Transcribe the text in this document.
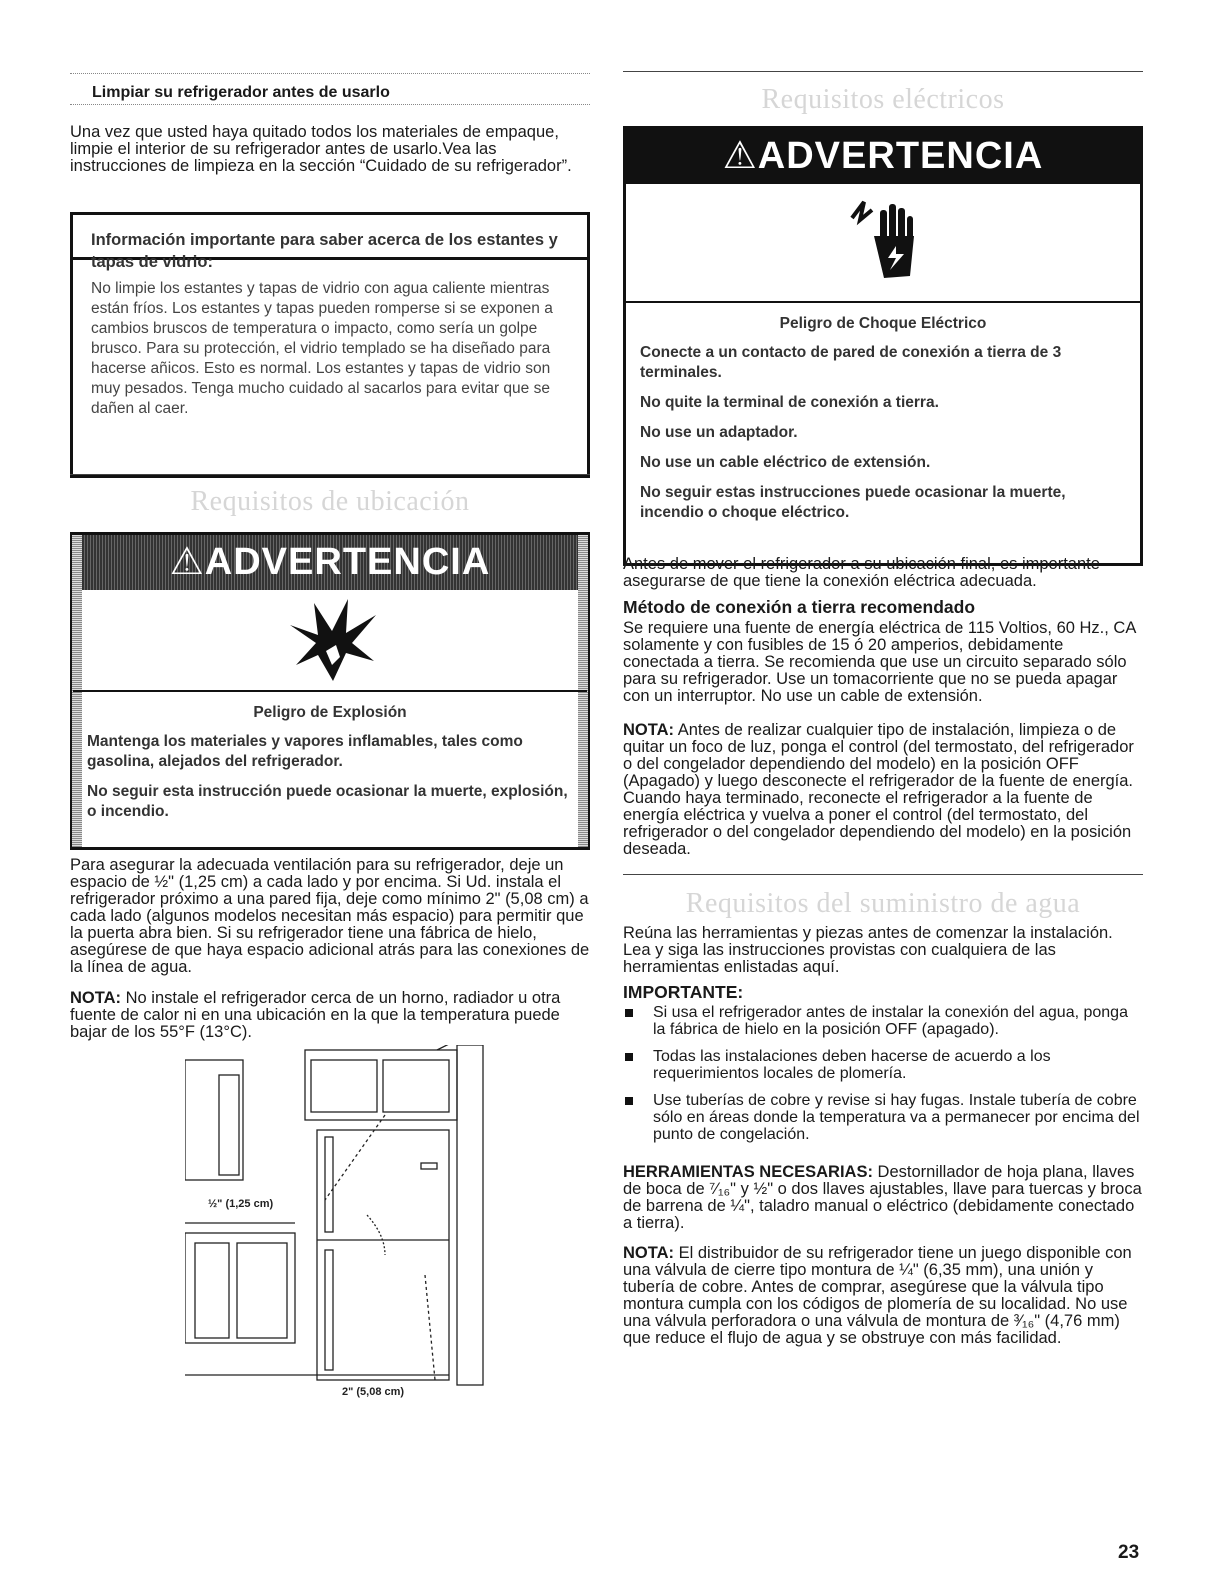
Limpiar su refrigerador antes de usarlo

Una vez que usted haya quitado todos los materiales de empaque, limpie el interior de su refrigerador antes de usarlo.Vea las instrucciones de limpieza en la sección “Cuidado de su refrigerador”.

Información importante para saber acerca de los estantes y tapas de vidrio:

No limpie los estantes y tapas de vidrio con agua caliente mientras están fríos. Los estantes y tapas pueden romperse si se exponen a cambios bruscos de temperatura o impacto, como sería un golpe brusco. Para su protección, el vidrio templado se ha diseñado para hacerse añicos. Esto es normal. Los estantes y tapas de vidrio son muy pesados. Tenga mucho cuidado al sacarlos para evitar que se dañen al caer.

Requisitos de ubicación

⚠ADVERTENCIA

Peligro de Explosión

Mantenga los materiales y vapores inflamables, tales como gasolina, alejados del refrigerador.

No seguir esta instrucción puede ocasionar la muerte, explosión, o incendio.

Para asegurar la adecuada ventilación para su refrigerador, deje un espacio de ½" (1,25 cm) a cada lado y por encima. Si Ud. instala el refrigerador próximo a una pared fija, deje como mínimo 2" (5,08 cm) a cada lado (algunos modelos necesitan más espacio) para permitir que la puerta abra bien. Si su refrigerador tiene una fábrica de hielo, asegúrese de que haya espacio adicional atrás para las conexiones de la línea de agua.

NOTA: No instale el refrigerador cerca de un horno, radiador u otra fuente de calor ni en una ubicación en la que la temperatura puede bajar de los 55°F (13°C).

½" (1,25 cm)
2" (5,08 cm)

Requisitos eléctricos

⚠ADVERTENCIA

Peligro de Choque Eléctrico

Conecte a un contacto de pared de conexión a tierra de 3 terminales.

No quite la terminal de conexión a tierra.

No use un adaptador.

No use un cable eléctrico de extensión.

No seguir estas instrucciones puede ocasionar la muerte, incendio o choque eléctrico.

Antes de mover el refrigerador a su ubicación final, es importante asegurarse de que tiene la conexión eléctrica adecuada.

Método de conexión a tierra recomendado

Se requiere una fuente de energía eléctrica de 115 Voltios, 60 Hz., CA solamente y con fusibles de 15 ó 20 amperios, debidamente conectada a tierra. Se recomienda que use un circuito separado sólo para su refrigerador. Use un tomacorriente que no se pueda apagar con un interruptor. No use un cable de extensión.

NOTA: Antes de realizar cualquier tipo de instalación, limpieza o de quitar un foco de luz, ponga el control (del termostato, del refrigerador o del congelador dependiendo del modelo) en la posición OFF (Apagado) y luego desconecte el refrigerador de la fuente de energía. Cuando haya terminado, reconecte el refrigerador a la fuente de energía eléctrica y vuelva a poner el control (del termostato, del refrigerador o del congelador dependiendo del modelo) en la posición deseada.

Requisitos del suministro de agua

Reúna las herramientas y piezas antes de comenzar la instalación. Lea y siga las instrucciones provistas con cualquiera de las herramientas enlistadas aquí.

IMPORTANTE:

Si usa el refrigerador antes de instalar la conexión del agua, ponga la fábrica de hielo en la posición OFF (apagado).
Todas las instalaciones deben hacerse de acuerdo a los requerimientos locales de plomería.
Use tuberías de cobre y revise si hay fugas. Instale tubería de cobre sólo en áreas donde la temperatura va a permanecer por encima del punto de congelación.

HERRAMIENTAS NECESARIAS: Destornillador de hoja plana, llaves de boca de ⁷⁄₁₆" y ½" o dos llaves ajustables, llave para tuercas y broca de barrena de ¼", taladro manual o eléctrico (debidamente conectado a tierra).

NOTA: El distribuidor de su refrigerador tiene un juego disponible con una válvula de cierre tipo montura de ¼" (6,35 mm), una unión y tubería de cobre. Antes de comprar, asegúrese que la válvula tipo montura cumpla con los códigos de plomería de su localidad. No use una válvula perforadora o una válvula de montura de ³⁄₁₆" (4,76 mm) que reduce el flujo de agua y se obstruye con más facilidad.

23
